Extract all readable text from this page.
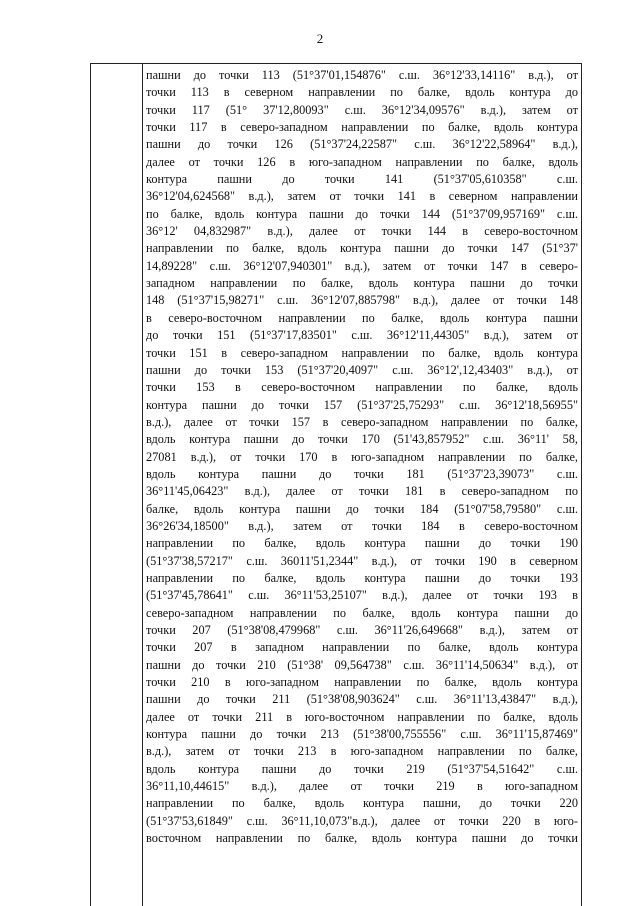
2
пашни до точки 113 (51°37'01,154876" с.ш. 36°12'33,14116" в.д.), от
точки 113 в северном направлении по балке, вдоль контура до
точки 117 (51° 37'12,80093" с.ш. 36°12'34,09576" в.д.), затем от
точки 117 в северо-западном направлении по балке, вдоль контура
пашни до точки 126 (51°37'24,22587" с.ш. 36°12'22,58964" в.д.),
далее от точки 126 в юго-западном направлении по балке, вдоль
контура пашни до точки 141 (51°37'05,610358" с.ш.
36°12'04,624568" в.д.), затем от точки 141 в северном направлении
по балке, вдоль контура пашни до точки 144 (51°37'09,957169" с.ш.
36°12' 04,832987" в.д.), далее от точки 144 в северо-восточном
направлении по балке, вдоль контура пашни до точки 147 (51°37'
14,89228" с.ш. 36°12'07,940301" в.д.), затем от точки 147 в северо-
западном направлении по балке, вдоль контура пашни до точки
148 (51°37'15,98271" с.ш. 36°12'07,885798" в.д.), далее от точки 148
в северо-восточном направлении по балке, вдоль контура пашни
до точки 151 (51°37'17,83501" с.ш. 36°12'11,44305" в.д.), затем от
точки 151 в северо-западном направлении по балке, вдоль контура
пашни до точки 153 (51°37'20,4097" с.ш. 36°12',12,43403" в.д.), от
точки 153 в северо-восточном направлении по балке, вдоль
контура пашни до точки 157 (51°37'25,75293" с.ш. 36°12'18,56955"
в.д.), далее от точки 157 в северо-западном направлении по балке,
вдоль контура пашни до точки 170 (51'43,857952" с.ш. 36°11' 58,
27081 в.д.), от точки 170 в юго-западном направлении по балке,
вдоль контура пашни до точки 181 (51°37'23,39073" с.ш.
36°11'45,06423" в.д.), далее от точки 181 в северо-западном по
балке, вдоль контура пашни до точки 184 (51°07'58,79580" с.ш.
36°26'34,18500" в.д.), затем от точки 184 в северо-восточном
направлении по балке, вдоль контура пашни до точки 190
(51°37'38,57217" с.ш. 36011'51,2344" в.д.), от точки 190 в северном
направлении по балке, вдоль контура пашни до точки 193
(51°37'45,78641" с.ш. 36°11'53,25107" в.д.), далее от точки 193 в
северо-западном направлении по балке, вдоль контура пашни до
точки 207 (51°38'08,479968" с.ш. 36°11'26,649668" в.д.), затем от
точки 207 в западном направлении по балке, вдоль контура
пашни до точки 210 (51°38' 09,564738" с.ш. 36°11'14,50634" в.д.), от
точки 210 в юго-западном направлении по балке, вдоль контура
пашни до точки 211 (51°38'08,903624" с.ш. 36°11'13,43847" в.д.),
далее от точки 211 в юго-восточном направлении по балке, вдоль
контура пашни до точки 213 (51°38'00,755556" с.ш. 36°11'15,87469"
в.д.), затем от точки 213 в юго-западном направлении по балке,
вдоль контура пашни до точки 219 (51°37'54,51642" с.ш.
36°11,10,44615" в.д.), далее от точки 219 в юго-западном
направлении по балке, вдоль контура пашни, до точки 220
(51°37'53,61849" с.ш. 36°11,10,073"в.д.), далее от точки 220 в юго-
восточном направлении по балке, вдоль контура пашни до точки
